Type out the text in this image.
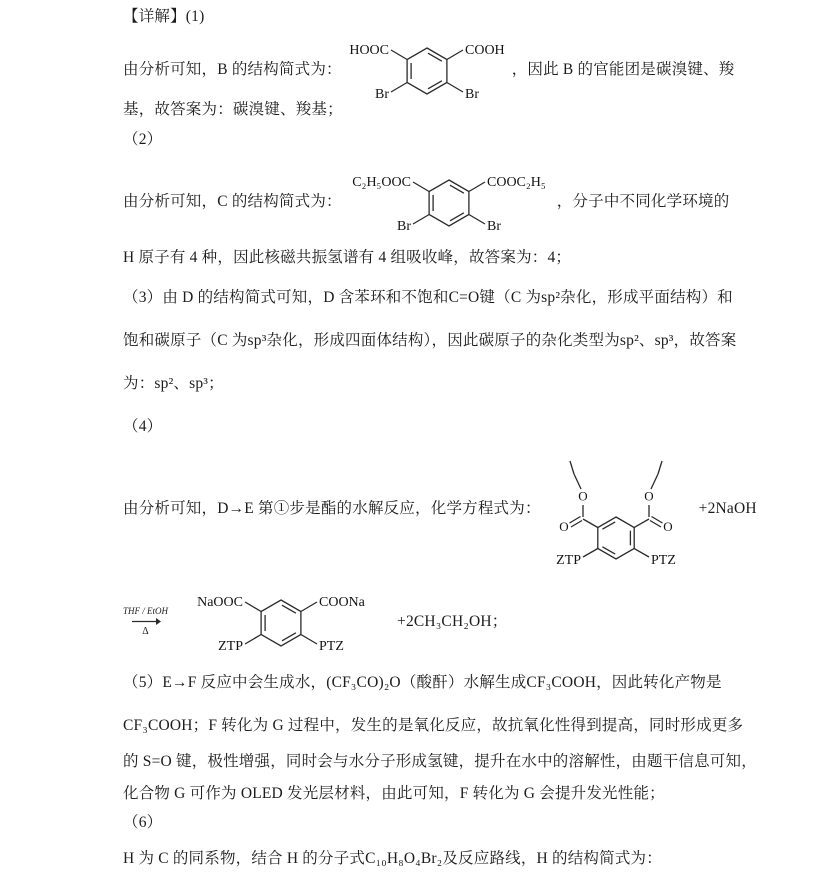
【详解】(1)
由分析可知，B 的结构简式为：
HOOC	COOH
Br	Br
，因此 B 的官能团是碳溴键、羧
基，故答案为：碳溴键、羧基；
（2）
由分析可知，C 的结构简式为：
C₂H₅OOC	COOC₂H₅
Br	Br
，分子中不同化学环境的
H 原子有 4 种，因此核磁共振氢谱有 4 组吸收峰，故答案为：4；
（3）由 D 的结构简式可知，D 含苯环和不饱和C=O键（C 为sp²杂化，形成平面结构）和
饱和碳原子（C 为sp³杂化，形成四面体结构），因此碳原子的杂化类型为sp²、sp³，故答案
为：sp²、sp³；
（4）
由分析可知，D→E 第①步是酯的水解反应，化学方程式为：
O	O
O	O
ZTP	PTZ
+2NaOH
THF / EtOH
Δ
NaOOC	COONa
ZTP	PTZ
+2CH₃CH₂OH；
（5）E→F 反应中会生成水，(CF₃CO)₂O（酸酐）水解生成CF₃COOH，因此转化产物是
CF₃COOH；F 转化为 G 过程中，发生的是氧化反应，故抗氧化性得到提高，同时形成更多
的 S=O 键，极性增强，同时会与水分子形成氢键，提升在水中的溶解性，由题干信息可知，
化合物 G 可作为 OLED 发光层材料，由此可知，F 转化为 G 会提升发光性能；
（6）
H 为 C 的同系物，结合 H 的分子式C₁₀H₈O₄Br₂及反应路线，H 的结构简式为：
